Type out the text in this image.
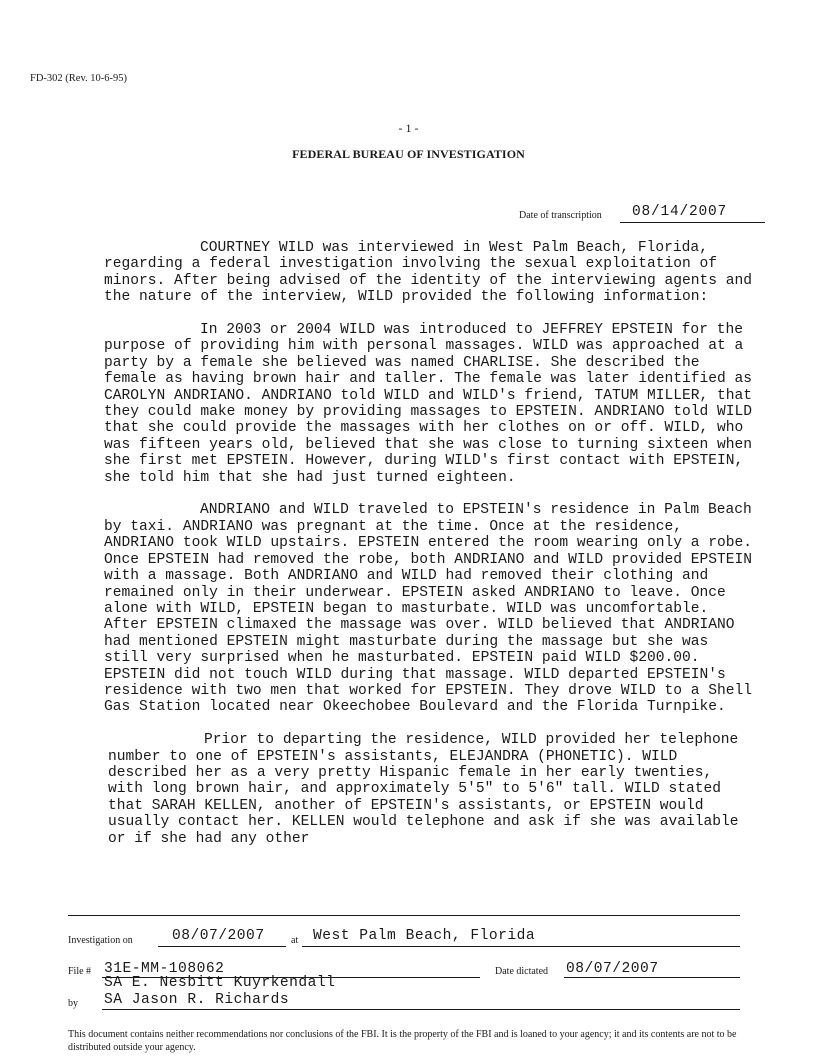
FD-302 (Rev. 10-6-95)
- 1 -
FEDERAL BUREAU OF INVESTIGATION
Date of transcription 08/14/2007

COURTNEY WILD was interviewed in West Palm Beach, Florida, regarding a federal investigation involving the sexual exploitation of minors. After being advised of the identity of the interviewing agents and the nature of the interview, WILD provided the following information:

In 2003 or 2004 WILD was introduced to JEFFREY EPSTEIN for the purpose of providing him with personal massages. WILD was approached at a party by a female she believed was named CHARLISE. She described the female as having brown hair and taller. The female was later identified as CAROLYN ANDRIANO. ANDRIANO told WILD and WILD's friend, TATUM MILLER, that they could make money by providing massages to EPSTEIN. ANDRIANO told WILD that she could provide the massages with her clothes on or off. WILD, who was fifteen years old, believed that she was close to turning sixteen when she first met EPSTEIN. However, during WILD's first contact with EPSTEIN, she told him that she had just turned eighteen.

ANDRIANO and WILD traveled to EPSTEIN's residence in Palm Beach by taxi. ANDRIANO was pregnant at the time. Once at the residence, ANDRIANO took WILD upstairs. EPSTEIN entered the room wearing only a robe. Once EPSTEIN had removed the robe, both ANDRIANO and WILD provided EPSTEIN with a massage. Both ANDRIANO and WILD had removed their clothing and remained only in their underwear. EPSTEIN asked ANDRIANO to leave. Once alone with WILD, EPSTEIN began to masturbate. WILD was uncomfortable. After EPSTEIN climaxed the massage was over. WILD believed that ANDRIANO had mentioned EPSTEIN might masturbate during the massage but she was still very surprised when he masturbated. EPSTEIN paid WILD $200.00. EPSTEIN did not touch WILD during that massage. WILD departed EPSTEIN's residence with two men that worked for EPSTEIN. They drove WILD to a Shell Gas Station located near Okeechobee Boulevard and the Florida Turnpike.

Prior to departing the residence, WILD provided her telephone number to one of EPSTEIN's assistants, ELEJANDRA (PHONETIC). WILD described her as a very pretty Hispanic female in her early twenties, with long brown hair, and approximately 5'5" to 5'6" tall. WILD stated that SARAH KELLEN, another of EPSTEIN's assistants, or EPSTEIN would usually contact her. KELLEN would telephone and ask if she was available or if she had any other

Investigation on	08/07/2007	at West Palm Beach, Florida
File # 31E-MM-108062	Date dictated 08/07/2007
SA E. Nesbitt Kuyrkendall
by SA Jason R. Richards
This document contains neither recommendations nor conclusions of the FBI. It is the property of the FBI and is loaned to your agency; it and its contents are not to be distributed outside your agency.
